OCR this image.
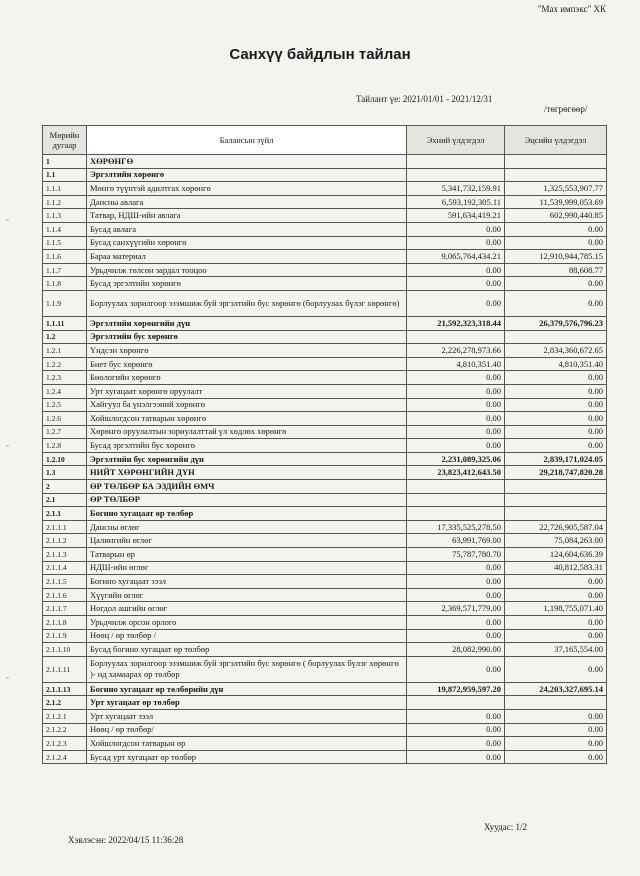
"Мах импэкс" ХК
Санхүү байдлын тайлан
Тайлант үе: 2021/01/01 - 2021/12/31
/төгрөгөөр/
-
-
-
Мөрийн дугаар	Балансын зүйл	Эхний үлдэгдэл	Эцсийн үлдэгдэл
1	ХӨРӨНГӨ		
1.1	Эргэлтийн хөрөнгө		
1.1.1	Мөнгө түүнтэй адилтгах хөрөнгө	5,341,732,159.91	1,325,553,907.77
1.1.2	Дансны авлага	6,593,192,305.11	11,539,999,053.69
1.1.3	Татвар, НДШ-ийн авлага	591,634,419.21	602,990,440.85
1.1.4	Бусад авлага	0.00	0.00
1.1.5	Бусад санхүүгийн хөрөнгө	0.00	0.00
1.1.6	Бараа материал	9,065,764,434.21	12,910,944,785.15
1.1.7	Урьдчилж төлсөн зардал тооцоо	0.00	88,608.77
1.1.8	Бусад эргэлтийн хөрөнгө	0.00	0.00
1.1.9	Борлуулах зорилгоор эзэмшиж буй эргэлтийн бус хөрөнгө (борлуулах бүлэг хөрөнгө)	0.00	0.00
1.1.11	Эргэлтийн хөрөнгийн дүн	21,592,323,318.44	26,379,576,796.23
1.2	Эргэлтийн бус хөрөнгө		
1.2.1	Үндсэн хөрөнгө	2,226,278,973.66	2,834,360,672.65
1.2.2	Биет бус хөрөнгө	4,810,351.40	4,810,351.40
1.2.3	Биологийн хөрөнгө	0.00	0.00
1.2.4	Урт хугацаат хөрөнгө оруулалт	0.00	0.00
1.2.5	Хайгуул ба үнэлгээний хөрөнгө	0.00	0.00
1.2.6	Хойшлогдсон татварын хөрөнгө	0.00	0.00
1.2.7	Хөрөнгө оруулалтын зориулалттай үл хөдлөх хөрөнгө	0.00	0.00
1.2.8	Бусад эргэлтийн бус хөрөнгө	0.00	0.00
1.2.10	Эргэлтийн бус хөрөнгийн дүн	2,231,089,325.06	2,839,171,024.05
1.3	НИЙТ ХӨРӨНГИЙН ДҮН	23,823,412,643.50	29,218,747,820.28
2	ӨР ТӨЛБӨР БА ЭЗДИЙН ӨМЧ		
2.1	ӨР ТӨЛБӨР		
2.1.1	Богино хугацаат өр төлбөр		
2.1.1.1	Дансны өглөг	17,335,525,278.50	22,726,905,587.04
2.1.1.2	Цалингийн өглөг	63,991,769.00	75,084,263.00
2.1.1.3	Татварын өр	75,787,780.70	124,604,636.39
2.1.1.4	НДШ-ийн өглөг	0.00	40,812,583.31
2.1.1.5	Богино хугацаат зээл	0.00	0.00
2.1.1.6	Хүүгийн өглөг	0.00	0.00
2.1.1.7	Ногдол ашгийн өглөг	2,369,571,779.00	1,198,755,071.40
2.1.1.8	Урьдчилж орсон орлого	0.00	0.00
2.1.1.9	Нөөц / өр төлбөр /	0.00	0.00
2.1.1.10	Бусад богино хугацаат өр төлбөр	28,082,990.00	37,165,554.00
2.1.1.11	Борлуулах зорилгоор эзэмшиж буй эргэлтийн бус хөрөнгө ( борлуулах бүлэг хөрөнгө )- нд хамаарах өр төлбөр	0.00	0.00
2.1.1.13	Богино хугацаат өр төлбөрийн дүн	19,872,959,597.20	24,203,327,695.14
2.1.2	Урт хугацаат өр төлбөр		
2.1.2.1	Урт хугацаат зээл	0.00	0.00
2.1.2.2	Нөөц / өр төлбөр/	0.00	0.00
2.1.2.3	Хойшлогдсон татварын өр	0.00	0.00
2.1.2.4	Бусад урт хугацаат өр төлбөр	0.00	0.00
Хэвлэсэн: 2022/04/15 11:36:28
Хуудас: 1/2
